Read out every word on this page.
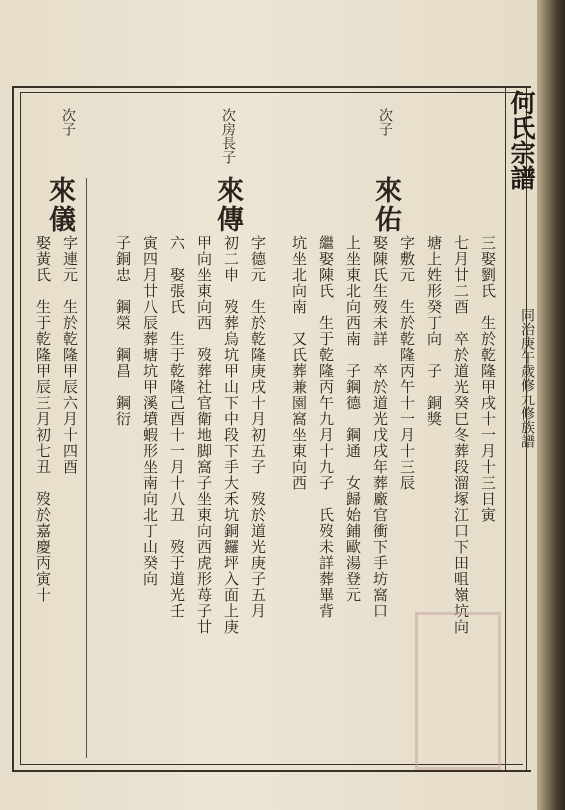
何氏宗譜
同治庚午歲修九修族譜
次子
次房長子
次子
來佑
來傳
來儀
三娶劉氏　生於乾隆甲戌十一月十三日寅
七月廿二酉　卒於道光癸巳冬葬段溜塚江口下田咀嶺坑向
塘上姓形癸丁向　子　銅獎
字敷元　生於乾隆丙午十一月十三辰
娶陳氏生歿未詳　卒於道光戊戌年葬廠官衝下手坊窩口
上坐東北向西南　子鋼德　鋼通　女歸始鋪歐湯登元
繼娶陳氏　生于乾隆丙午九月十九子　氏歿未詳葬畢背
坑坐北向南　又氏葬兼園窩坐東向西
字德元　生於乾隆庚戌十月初五子　歿於道光庚子五月
初二申　歿葬烏坑甲山下中段下手大禾坑銅鑼坪入面上庚
甲向坐東向西　歿葬社官衛地脚窩子坐東向西虎形苺子廿
六　娶張氏　生于乾隆己酉十一月十八丑　歿于道光壬
寅四月廿八辰葬塘坑甲溪墳蝦形坐南向北丁山癸向
子銅忠　鋼榮　鋼昌　鋼衍
字連元　生於乾隆甲辰六月十四酉
娶黃氏　生于乾隆甲辰三月初七丑　歿於嘉慶丙寅十
